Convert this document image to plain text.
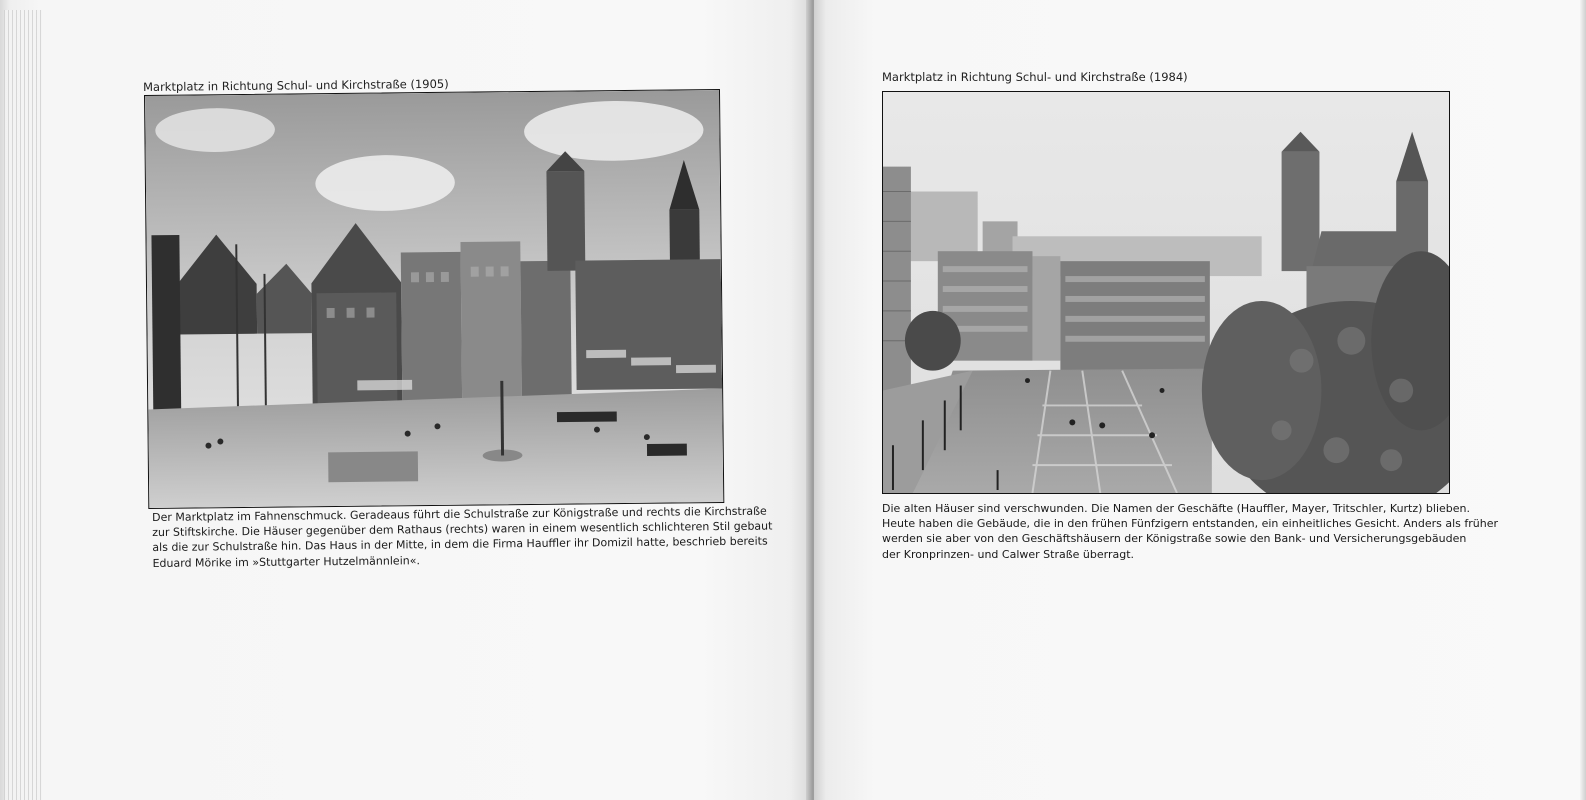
Marktplatz in Richtung Schul- und Kirchstraße (1905)
Der Marktplatz im Fahnenschmuck. Geradeaus führt die Schulstraße zur Königstraße und rechts die Kirchstraße
zur Stiftskirche. Die Häuser gegenüber dem Rathaus (rechts) waren in einem wesentlich schlichteren Stil gebaut
als die zur Schulstraße hin. Das Haus in der Mitte, in dem die Firma Hauffler ihr Domizil hatte, beschrieb bereits
Eduard Mörike im »Stuttgarter Hutzelmännlein«.
Marktplatz in Richtung Schul- und Kirchstraße (1984)
Die alten Häuser sind verschwunden. Die Namen der Geschäfte (Hauffler, Mayer, Tritschler, Kurtz) blieben.
Heute haben die Gebäude, die in den frühen Fünfzigern entstanden, ein einheitliches Gesicht. Anders als früher
werden sie aber von den Geschäftshäusern der Königstraße sowie den Bank- und Versicherungsgebäuden
der Kronprinzen- und Calwer Straße überragt.
